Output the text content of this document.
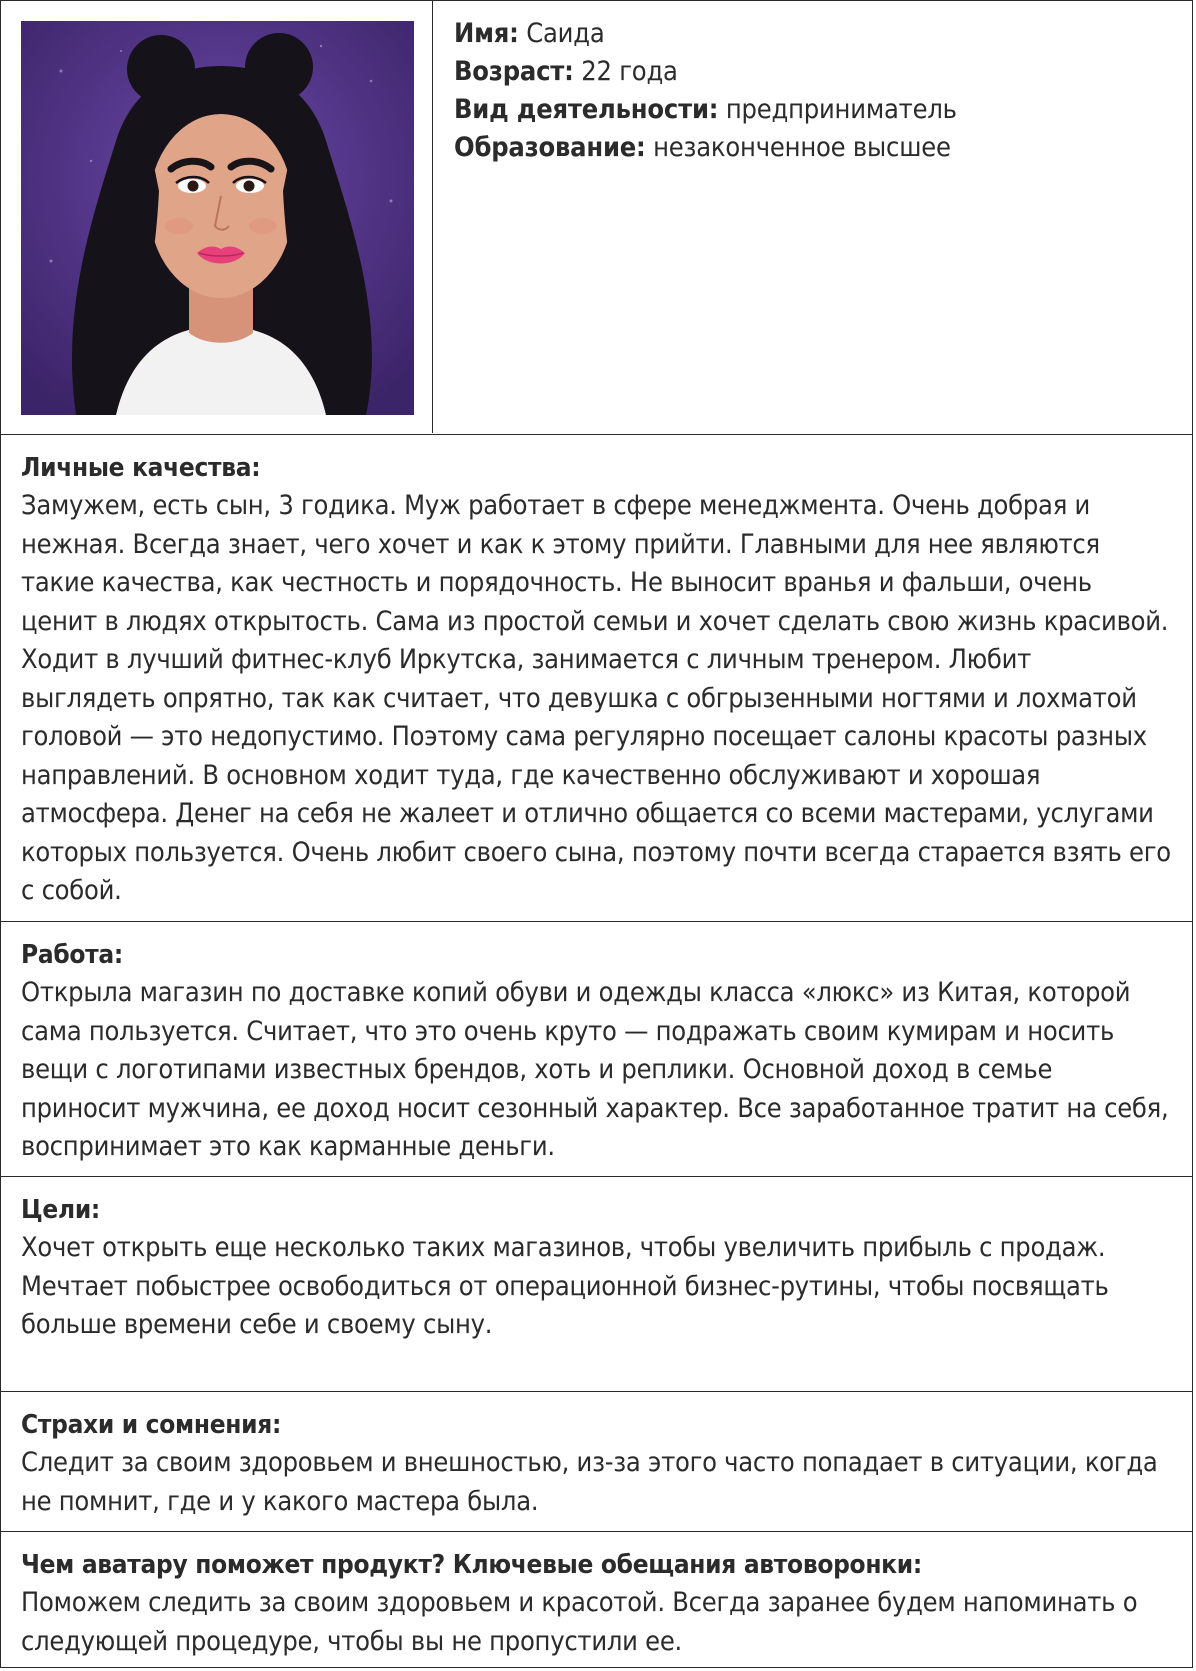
Имя: Саида
Возраст: 22 года
Вид деятельности: предприниматель
Образование: незаконченное высшее
Личные качества:
Замужем, есть сын, 3 годика. Муж работает в сфере менеджмента. Очень добрая и нежная. Всегда знает, чего хочет и как к этому прийти. Главными для нее являются такие качества, как честность и порядочность. Не выносит вранья и фальши, очень ценит в людях открытость. Сама из простой семьи и хочет сделать свою жизнь красивой. Ходит в лучший фитнес-клуб Иркутска, занимается с личным тренером. Любит выглядеть опрятно, так как считает, что девушка с обгрызенными ногтями и лохматой головой — это недопустимо. Поэтому сама регулярно посещает салоны красоты разных направлений. В основном ходит туда, где качественно обслуживают и хорошая атмосфера. Денег на себя не жалеет и отлично общается со всеми мастерами, услугами которых пользуется. Очень любит своего сына, поэтому почти всегда старается взять его с собой.
Работа:
Открыла магазин по доставке копий обуви и одежды класса «люкс» из Китая, которой сама пользуется. Считает, что это очень круто — подражать своим кумирам и носить вещи с логотипами известных брендов, хоть и реплики. Основной доход в семье приносит мужчина, ее доход носит сезонный характер. Все заработанное тратит на себя, воспринимает это как карманные деньги.
Цели:

Хочет открыть еще несколько таких магазинов, чтобы увеличить прибыль с продаж.

Мечтает побыстрее освободиться от операционной бизнес-рутины, чтобы посвящать больше времени себе и своему сыну.

Страхи и сомнения:
Следит за своим здоровьем и внешностью, из-за этого часто попадает в ситуации, когда не помнит, где и у какого мастера была.
Чем аватару поможет продукт? Ключевые обещания автоворонки:
Поможем следить за своим здоровьем и красотой. Всегда заранее будем напоминать о следующей процедуре, чтобы вы не пропустили ее.
